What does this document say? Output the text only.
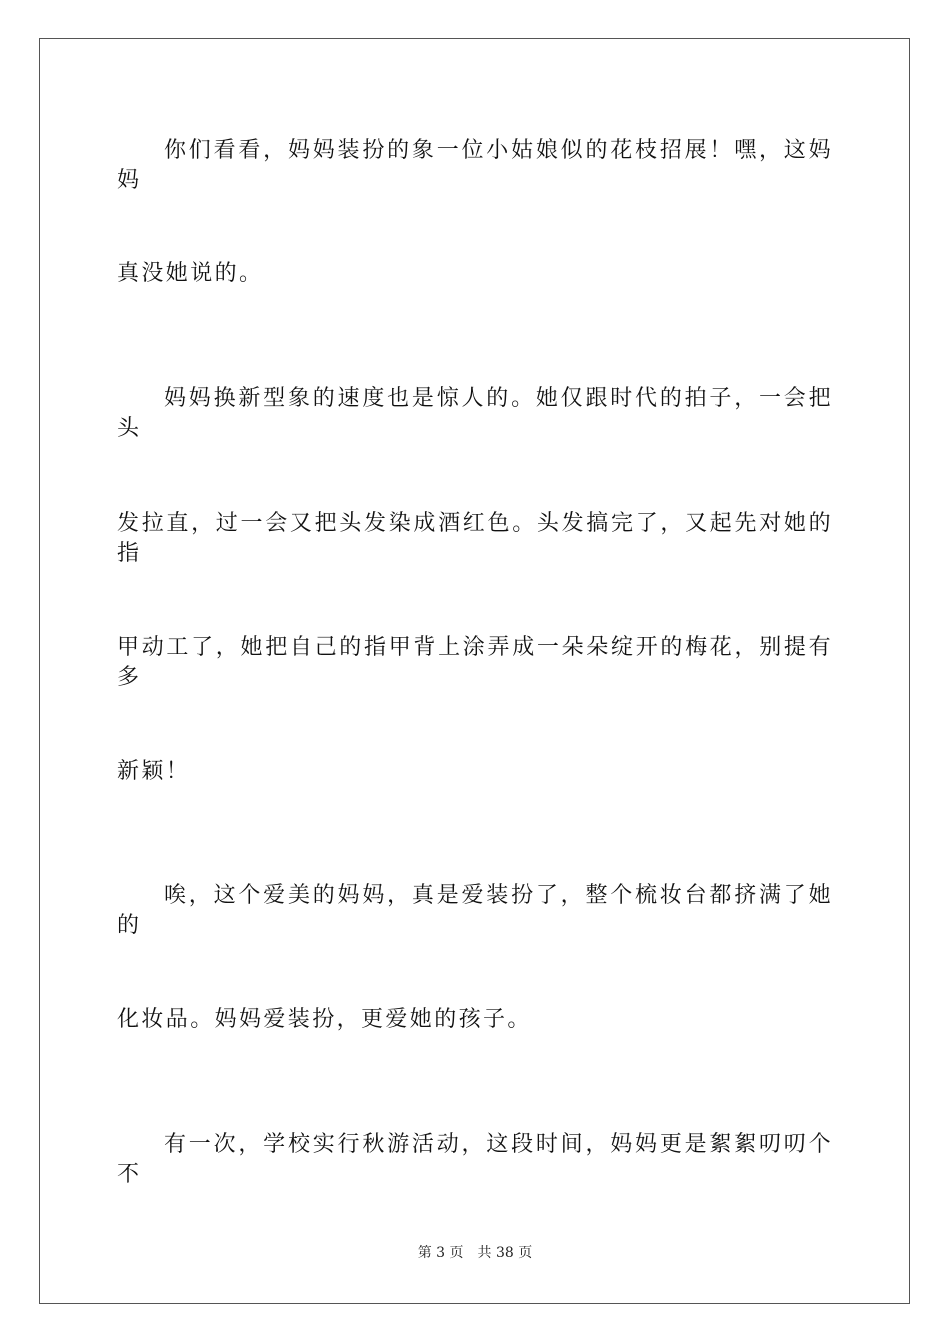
你们看看，妈妈装扮的象一位小姑娘似的花枝招展！嘿，这妈妈
真没她说的。
妈妈换新型象的速度也是惊人的。她仅跟时代的拍子，一会把头
发拉直，过一会又把头发染成酒红色。头发搞完了，又起先对她的指
甲动工了，她把自己的指甲背上涂弄成一朵朵绽开的梅花，别提有多
新颖！
唉，这个爱美的妈妈，真是爱装扮了，整个梳妆台都挤满了她的
化妆品。妈妈爱装扮，更爱她的孩子。
有一次，学校实行秋游活动，这段时间，妈妈更是絮絮叨叨个不
第 3 页 共 38 页
